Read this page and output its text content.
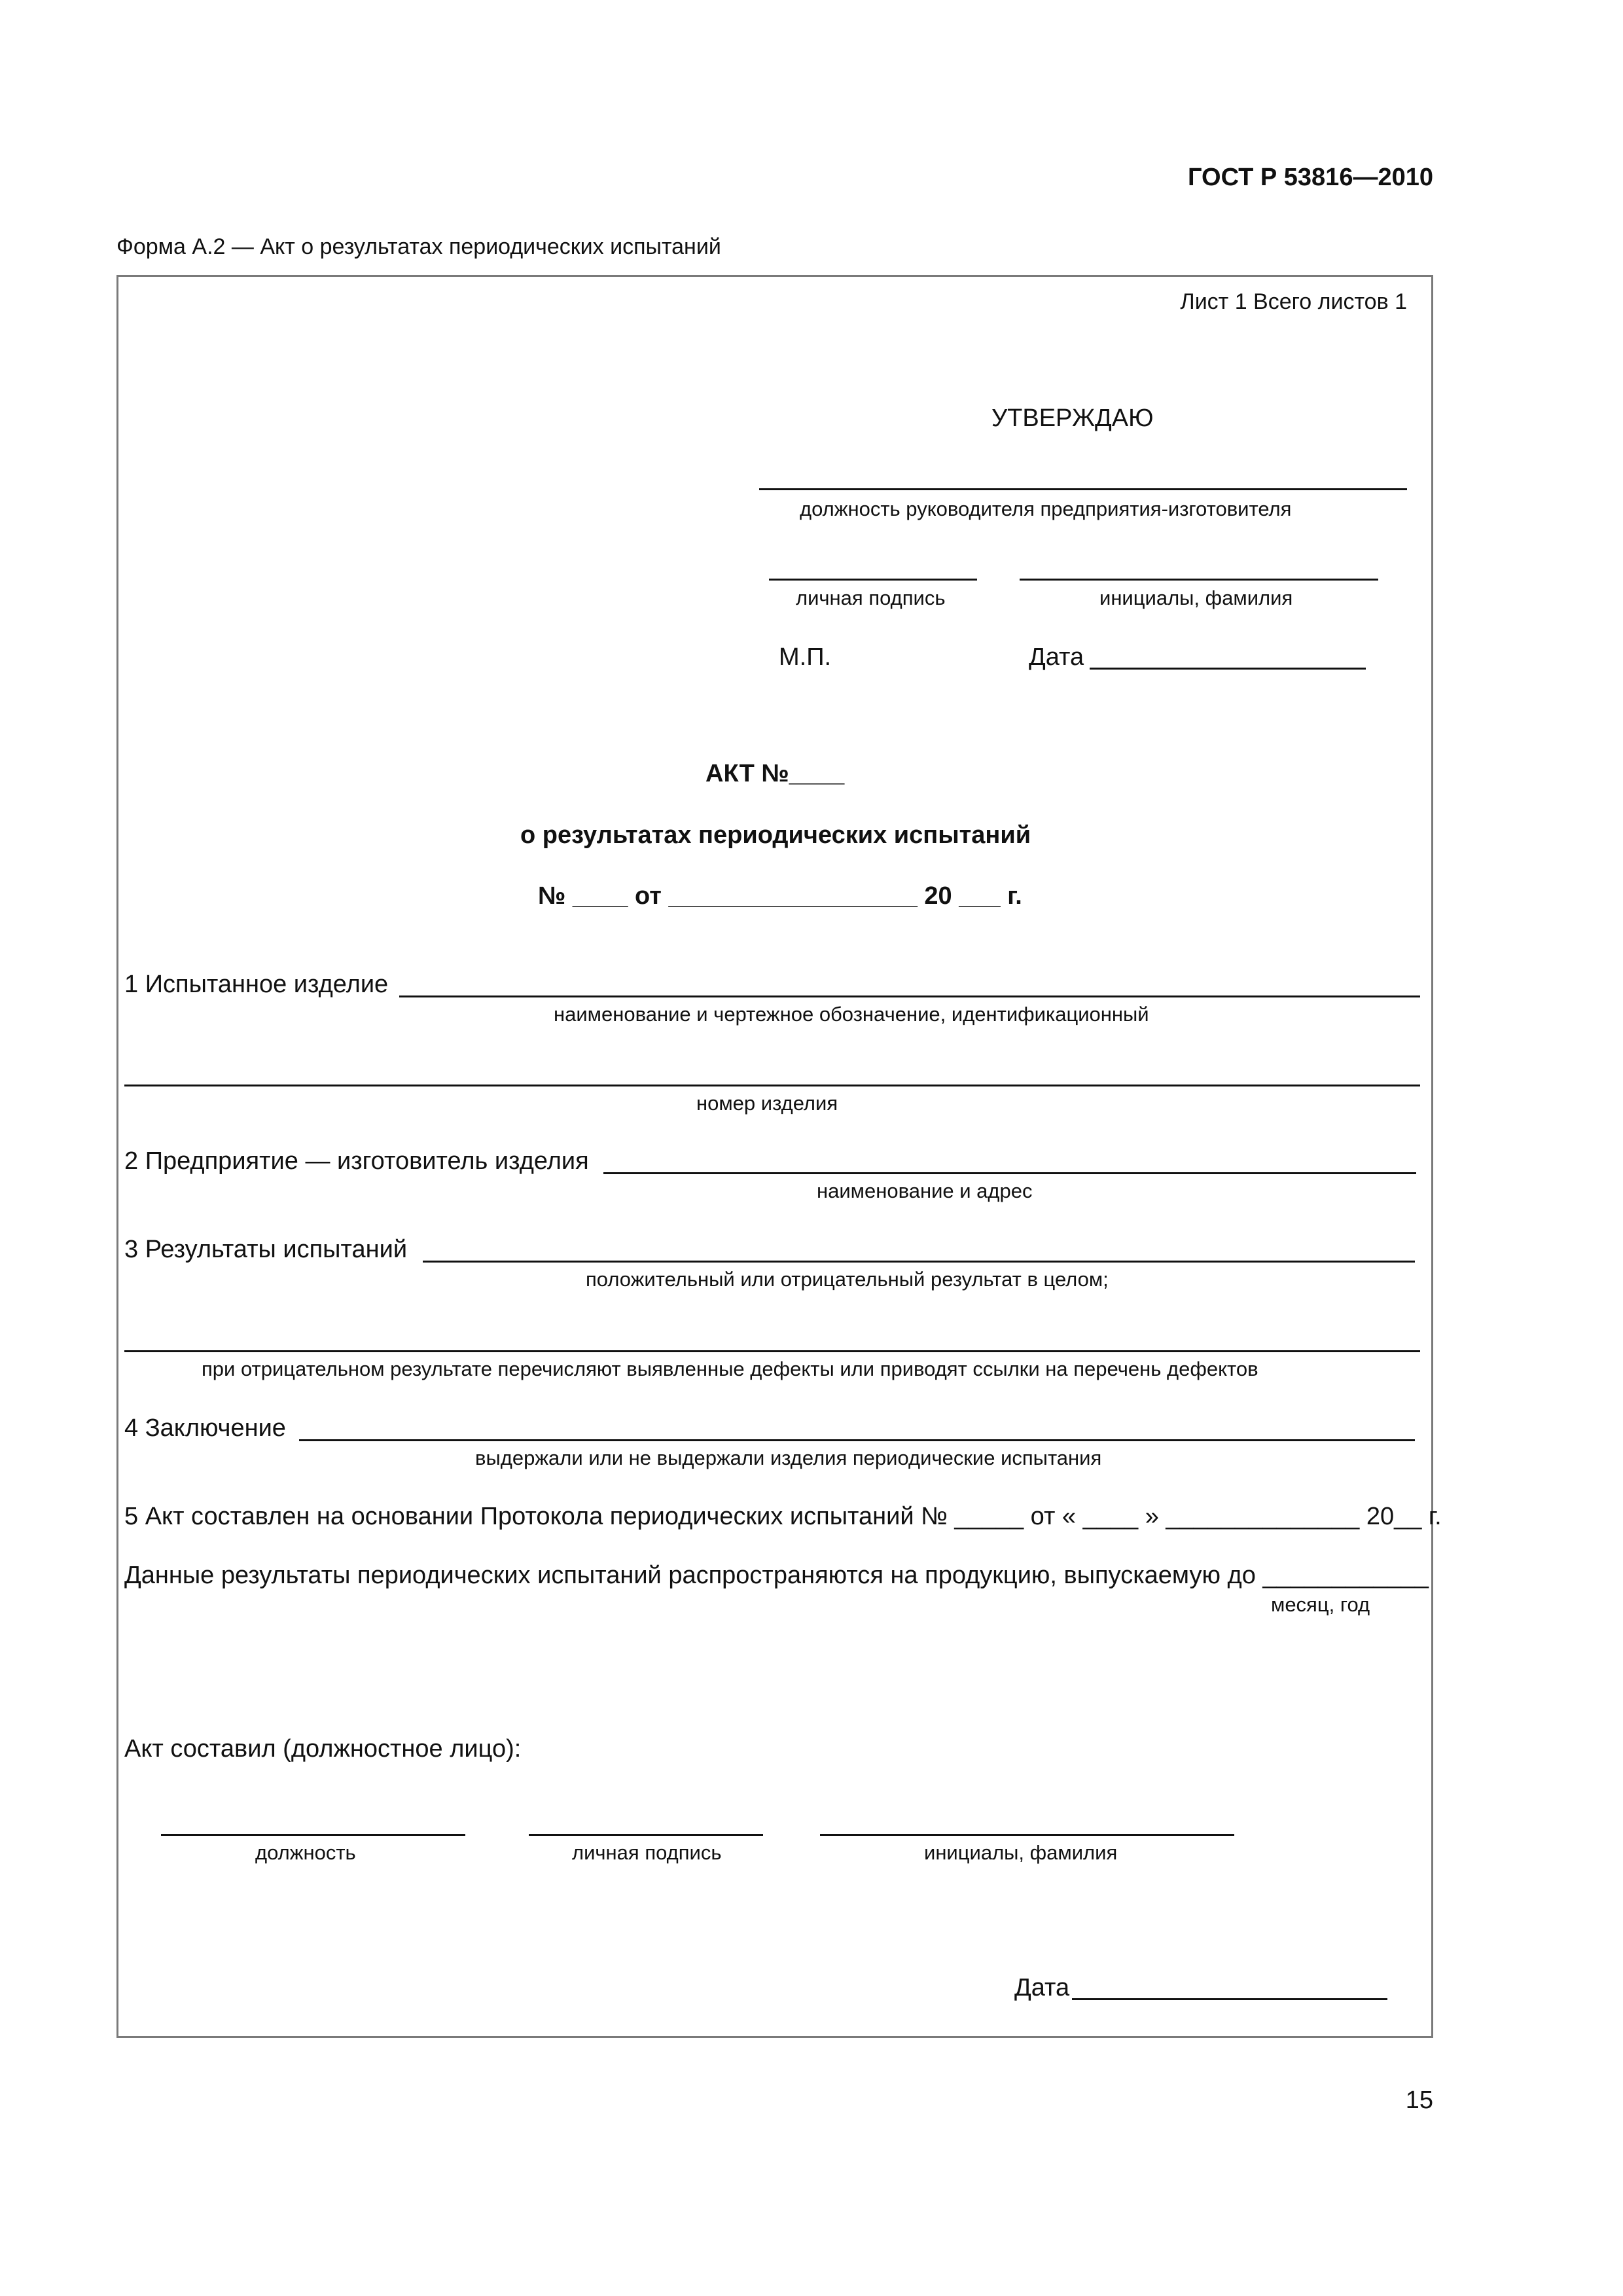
ГОСТ Р 53816—2010
Форма А.2 — Акт о результатах периодических испытаний
Лист 1 Всего листов 1
УТВЕРЖДАЮ
должность руководителя предприятия-изготовителя
личная подпись	инициалы, фамилия
М.П.	Дата
АКТ №____
о результатах периодических испытаний
№ ____ от __________________ 20 ___ г.
1 Испытанное изделие
наименование и чертежное обозначение, идентификационный
номер изделия
2 Предприятие — изготовитель изделия
наименование и адрес
3 Результаты испытаний
положительный или отрицательный результат в целом;
при отрицательном результате перечисляют выявленные дефекты или приводят ссылки на перечень дефектов
4 Заключение
выдержали или не выдержали изделия периодические испытания
5 Акт составлен на основании Протокола периодических испытаний № _____ от « ____ » ______________ 20__ г.
Данные результаты периодических испытаний распространяются на продукцию, выпускаемую до ____________
месяц, год
Акт составил (должностное лицо):
должность	личная подпись	инициалы, фамилия
Дата
15
